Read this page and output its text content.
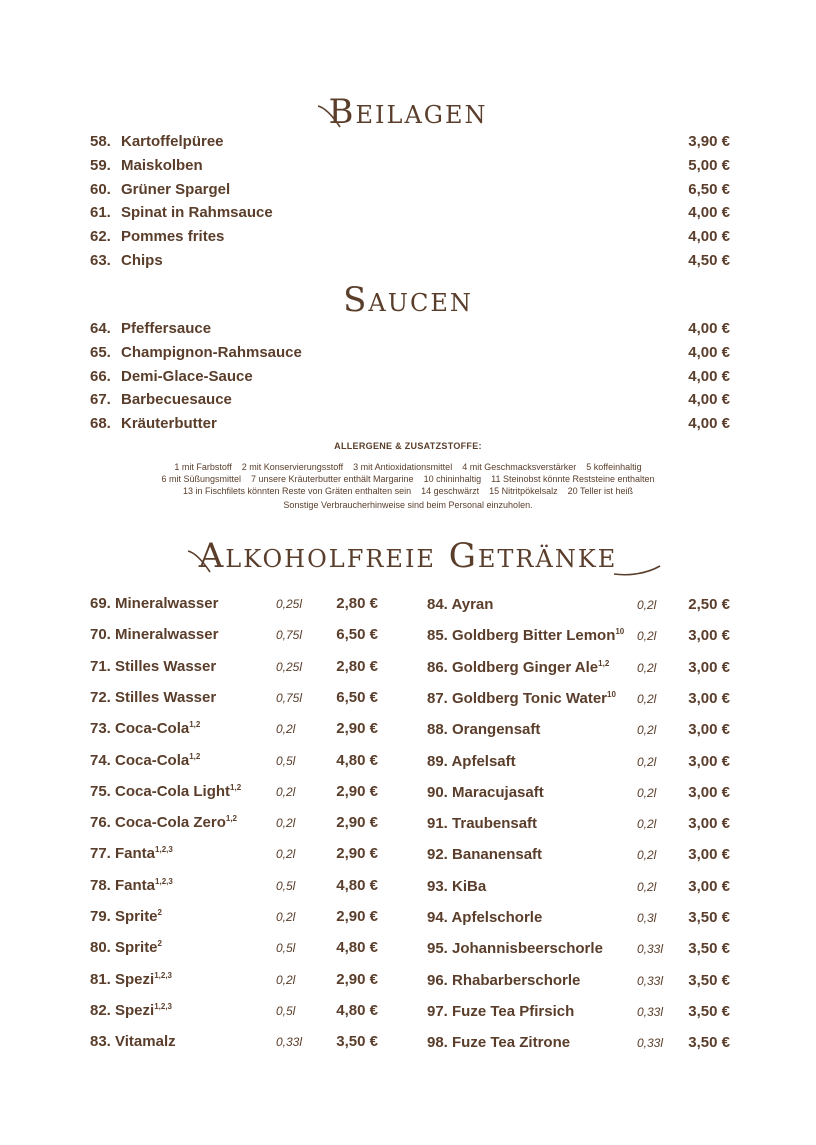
Beilagen
58. Kartoffelpüree	3,90 €
59. Maiskolben	5,00 €
60. Grüner Spargel	6,50 €
61. Spinat in Rahmsauce	4,00 €
62. Pommes frites	4,00 €
63. Chips	4,50 €
Saucen
64. Pfeffersauce	4,00 €
65. Champignon-Rahmsauce	4,00 €
66. Demi-Glace-Sauce	4,00 €
67. Barbecuesauce	4,00 €
68. Kräuterbutter	4,00 €
ALLERGENE & ZUSATZSTOFFE:
1 mit Farbstoff    2 mit Konservierungsstoff    3 mit Antioxidationsmittel    4 mit Geschmacksverstärker    5 koffeinhaltig
6 mit Süßungsmittel    7 unsere Kräuterbutter enthält Margarine    10 chininhaltig    11 Steinobst könnte Reststeine enthalten
13 in Fischfilets könnten Reste von Gräten enthalten sein    14 geschwärzt    15 Nitritpökelsalz    20 Teller ist heiß
Sonstige Verbraucherhinweise sind beim Personal einzuholen.
Alkoholfreie Getränke
69. Mineralwasser	0,25l 2,80 €
70. Mineralwasser	0,75l 6,50 €
71. Stilles Wasser	0,25l 2,80 €
72. Stilles Wasser	0,75l 6,50 €
73. Coca-Cola$^{1,2}$	0,2l	2,90 €
74. Coca-Cola$^{1,2}$	0,5l	4,80 €
75. Coca-Cola Light$^{1,2}$	0,2l	2,90 €
76. Coca-Cola Zero$^{1,2}$	0,2l	2,90 €
77. Fanta$^{1,2,3}$	0,2l	2,90 €
78. Fanta$^{1,2,3}$	0,5l	4,80 €
79. Sprite$^2$	0,2l	2,90 €
80. Sprite$^2$	0,5l	4,80 €
81. Spezi$^{1,2,3}$	0,2l	2,90 €
82. Spezi$^{1,2,3}$	0,5l	4,80 €
83. Vitamalz	0,33l 3,50 €
84. Ayran	0,2l 2,50 €
85. Goldberg Bitter Lemon$^{10}$ 0,2l 3,00 €
86. Goldberg Ginger Ale$^{1,2}$ 0,2l 3,00 €
87. Goldberg Tonic Water$^{10}$ 0,2l 3,00 €
88. Orangensaft	0,2l 3,00 €
89. Apfelsaft	0,2l 3,00 €
90. Maracujasaft	0,2l 3,00 €
91. Traubensaft	0,2l 3,00 €
92. Bananensaft	0,2l 3,00 €
93. KiBa	0,2l 3,00 €
94. Apfelschorle	0,3l 3,50 €
95. Johannisbeerschorle	0,33l 3,50 €
96. Rhabarberschorle	0,33l 3,50 €
97. Fuze Tea Pfirsich	0,33l 3,50 €
98. Fuze Tea Zitrone	0,33l 3,50 €
